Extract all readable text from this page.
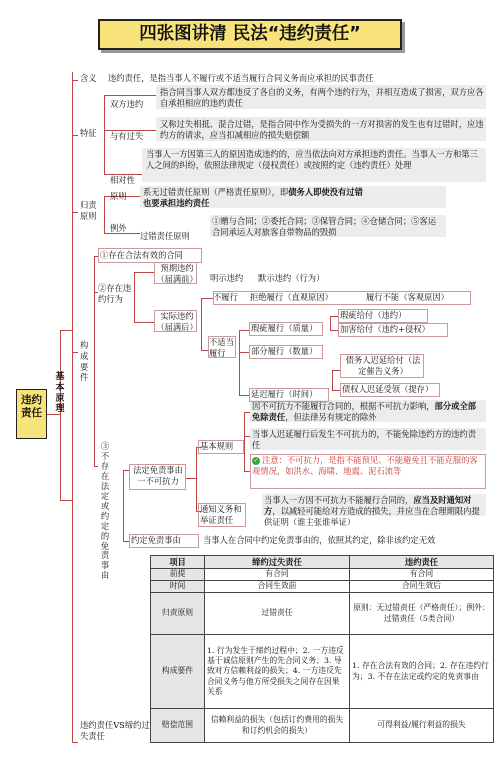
四张图讲清 民法“违约责任”
违约责任
基本原理
含义 违约责任，是指当事人不履行或不适当履行合同义务而应承担的民事责任
特征
双方违约
指合同当事人双方都违反了各自的义务，有两个违约行为，并相互造成了损害，双方应各自承担相应的违约责任
与有过失
又称过失相抵、混合过错，是指合同中作为受损失的一方对损害的发生也有过错时，应违约方的请求，应当扣减相应的损失赔偿额
相对性
当事人一方因第三人的原因造成违约的，应当依法向对方承担违约责任。当事人一方和第三人之间的纠纷，依照法律规定（侵权责任）或按照约定（违约责任）处理
归责原则
原则 系无过错责任原则（严格责任原则），即债务人即使没有过错
也要承担违约责任
例外
过错责任原则
①赠与合同；②委托合同；③保管合同；④仓储合同；⑤客运合同承运人对旅客自带物品的毁损
构成要件
①存在合法有效的合同
②存在违约行为
预期违约（届满前） 明示违约 默示违约（行为）
实际违约（届满后）
不履行 拒绝履行（直观原因）	履行不能（客观原因）
不适当履行
瑕疵履行（质量）
瑕疵给付（违约）
加害给付（违约+侵权）
部分履行（数量）
延迟履行（时间）
债务人迟延给付（法定催告义务）
债权人迟延受领（提存）
③不存在法定或约定的免责事由
法定免责事由一不可抗力
基本规则
因不可抗力不能履行合同的，根据不可抗力影响，部分或全部免除责任，但法律另有规定的除外
当事人迟延履行后发生不可抗力的，不能免除违约方的违约责任
✓ 注意：不可抗力，是指不能预见、不能避免且不能克服的客观情况，如洪水、海啸、地震、泥石流等
通知义务和举证责任
当事人一方因不可抗力不能履行合同的，应当及时通知对方，以减轻可能给对方造成的损失，并应当在合理期限内提供证明（谁主张谁举证）
约定免责事由	当事人在合同中约定免责事由的，依照其约定，除非该约定无效
违约责任VS缔约过失责任
项目	缔约过失责任	违约责任
前提	有合同	有合同
时间	合同生效前	合同生效后
归责原则	过错责任	原则：无过错责任（严格责任）；例外：过错责任（5类合同）
构成要件	1. 行为发生于缔约过程中；2. 一方违反基于诚信原则产生的先合同义务；3. 导致对方信赖利益的损失；4. 一方违反先合同义务与他方所受损失之间存在因果关系	1. 存在合法有效的合同；2. 存在违约行为；3. 不存在法定或约定的免责事由
赔偿范围	信赖利益的损失（包括订约费用的损失和订约机会的损失）	可得利益/履行利益的损失
